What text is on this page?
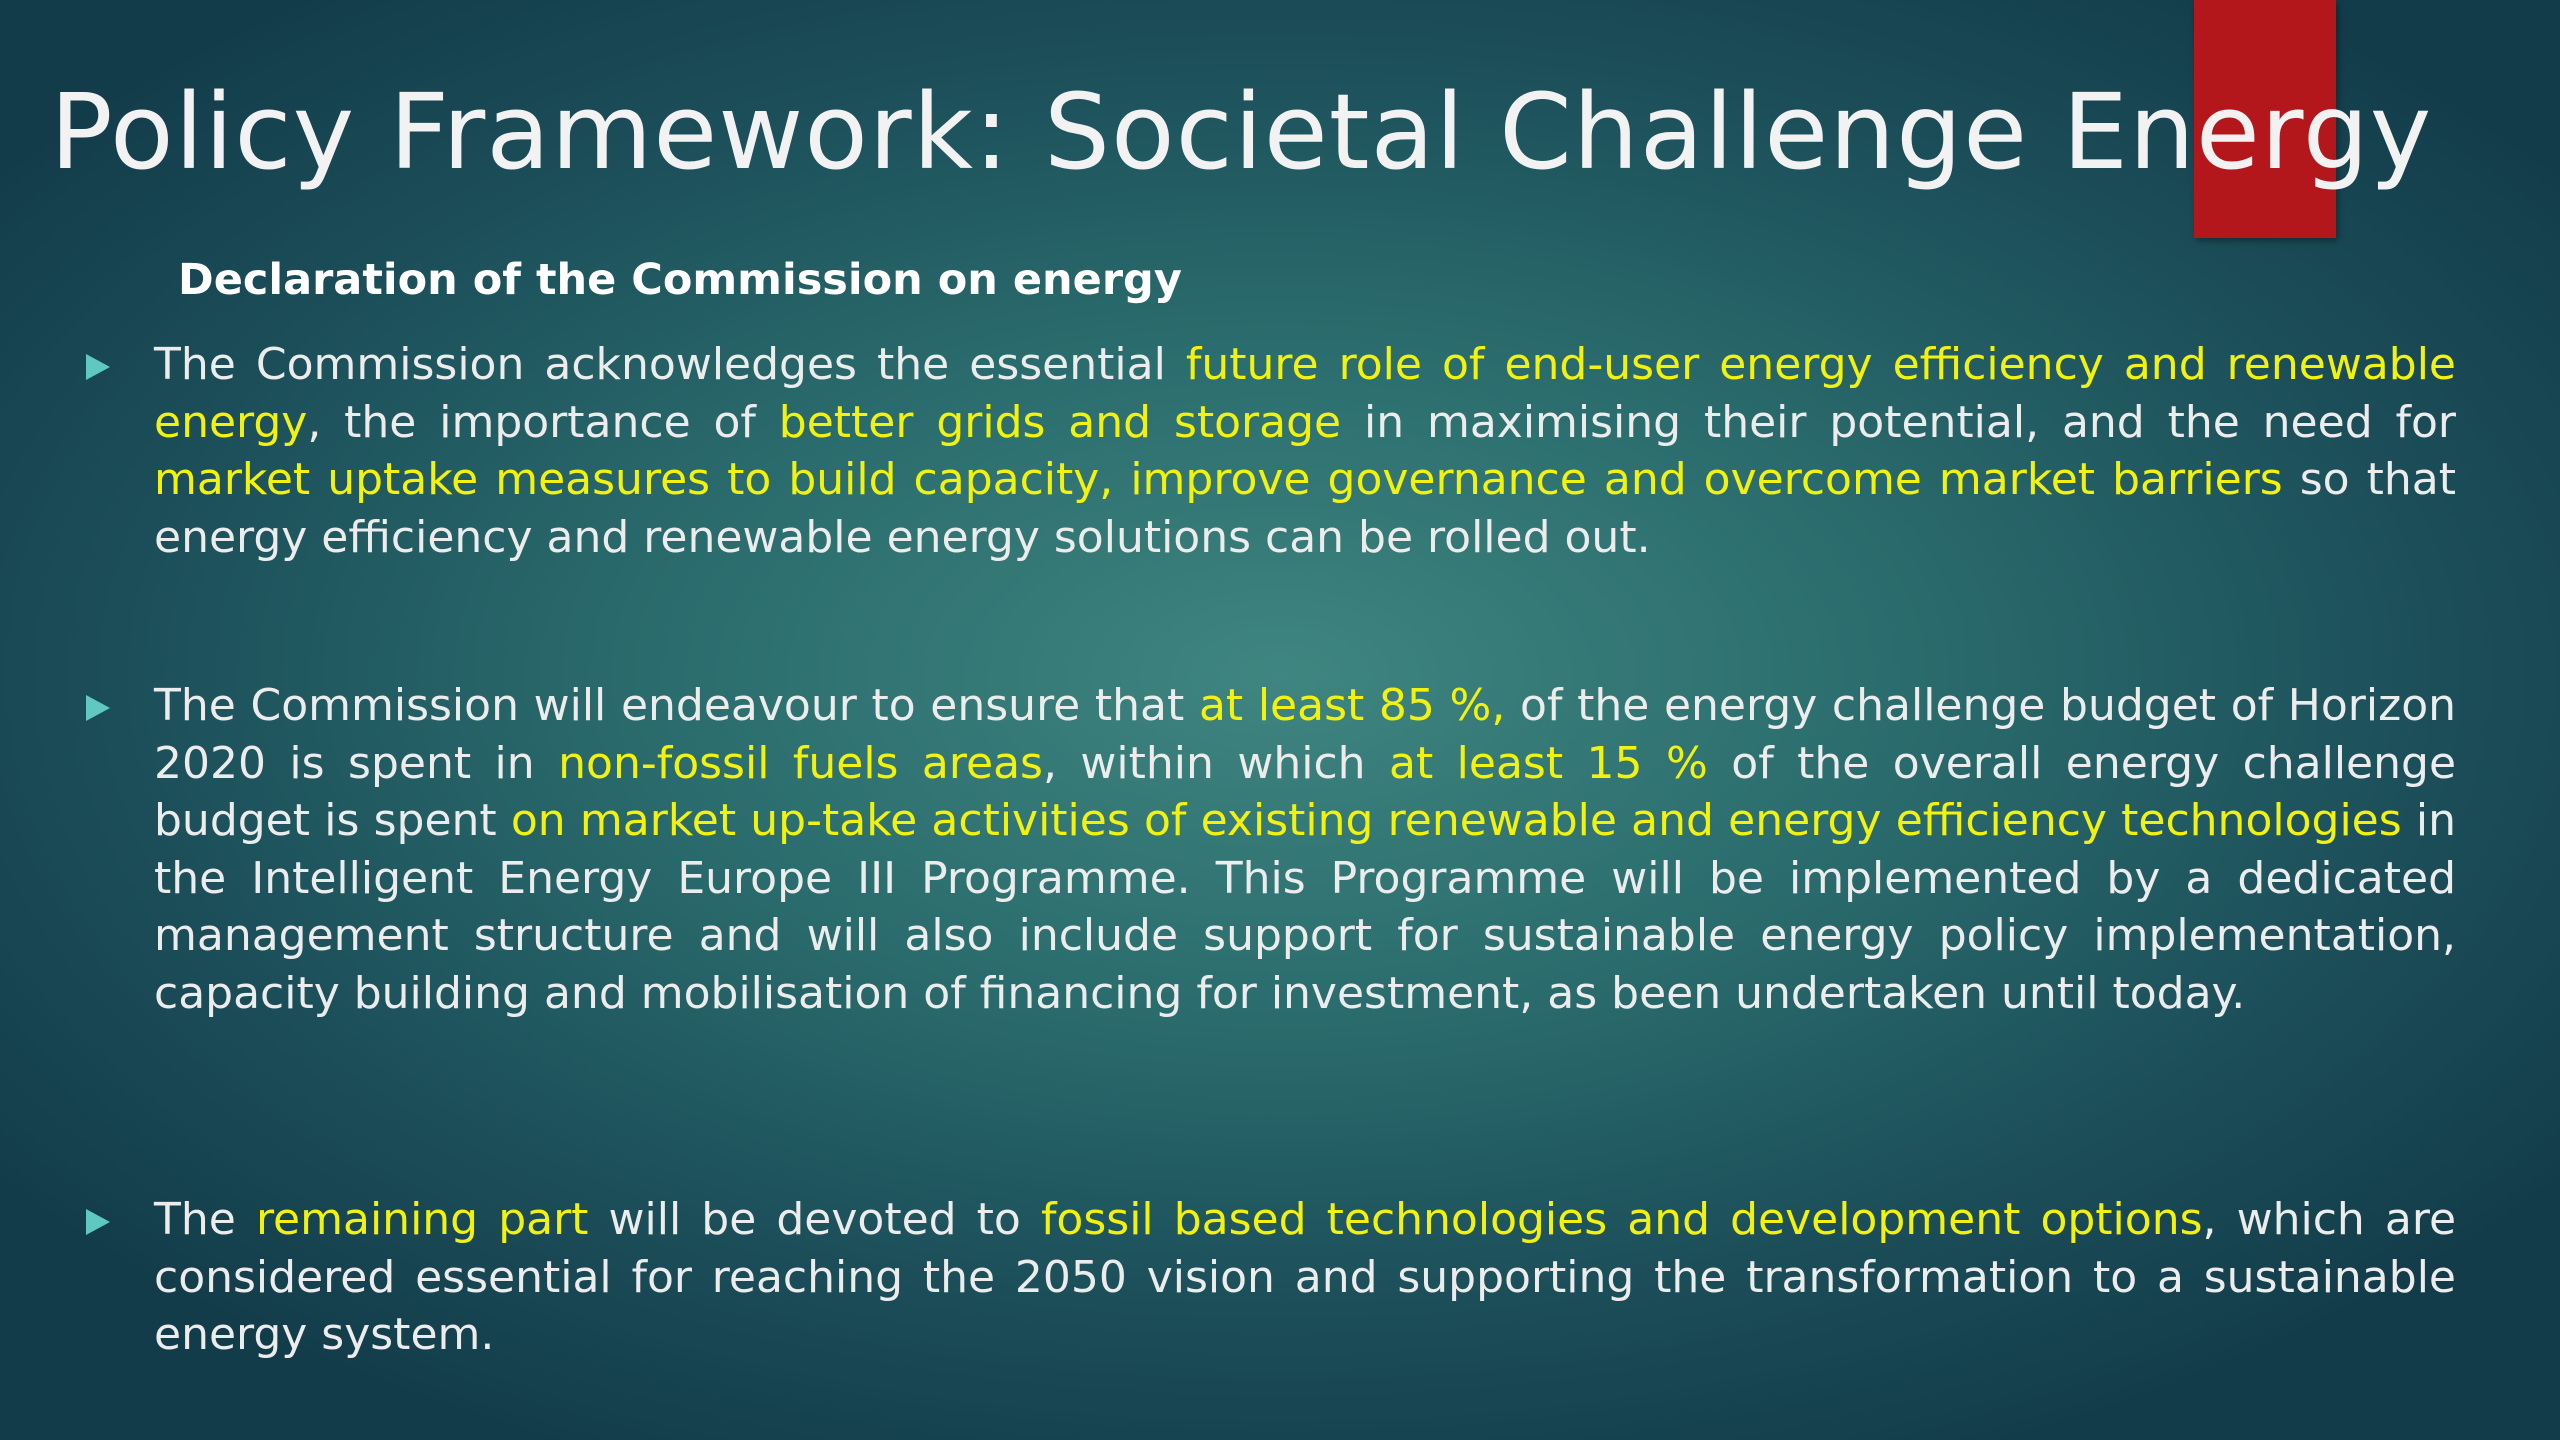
Policy Framework: Societal Challenge Energy
Declaration of the Commission on energy

The Commission acknowledges the essential future role of end-user energy efficiency and renewable energy, the importance of better grids and storage in maximising their potential, and the need for market uptake measures to build capacity, improve governance and overcome market barriers so that energy efficiency and renewable energy solutions can be rolled out.

The Commission will endeavour to ensure that at least 85 %, of the energy challenge budget of Horizon 2020 is spent in non-fossil fuels areas, within which at least 15 % of the overall energy challenge budget is spent on market up-take activities of existing renewable and energy efficiency technologies in the Intelligent Energy Europe III Programme. This Programme will be implemented by a dedicated management structure and will also include support for sustainable energy policy implementation, capacity building and mobilisation of financing for investment, as been undertaken until today.

The remaining part will be devoted to fossil based technologies and development options, which are considered essential for reaching the 2050 vision and supporting the transformation to a sustainable energy system.
